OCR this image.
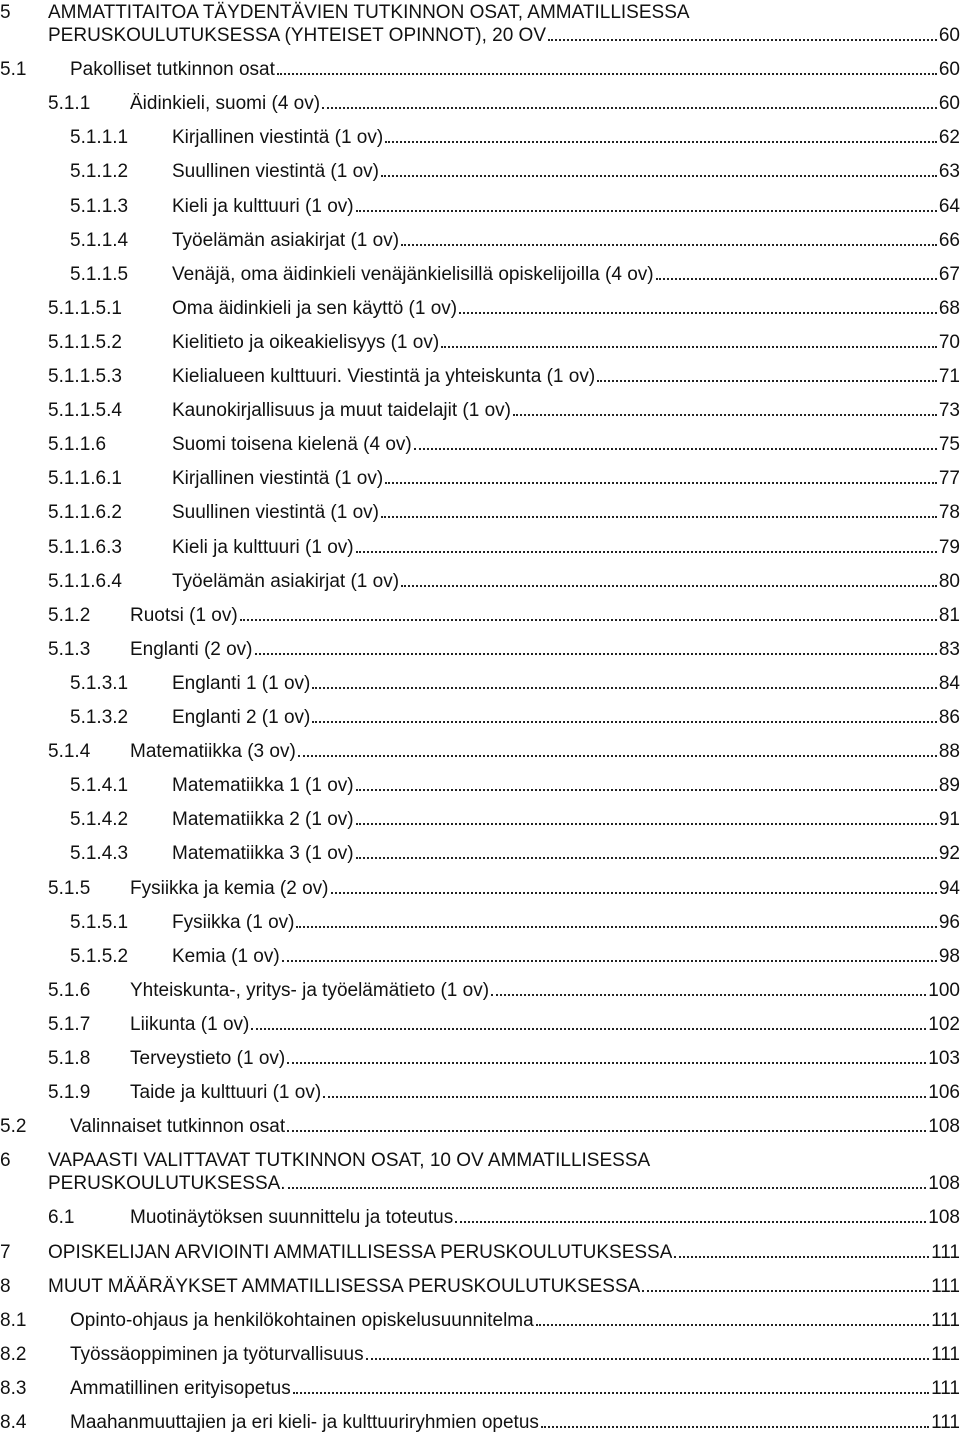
5 AMMATTITAITOA TÄYDENTÄVIEN TUTKINNON OSAT, AMMATILLISESSA
PERUSKOULUTUKSESSA (YHTEISET OPINNOT), 20 OV	60
5.1 Pakolliset tutkinnon osat	60
5.1.1 Äidinkieli, suomi (4 ov)	60
5.1.1.1 Kirjallinen viestintä (1 ov)	62
5.1.1.2 Suullinen viestintä (1 ov)	63
5.1.1.3 Kieli ja kulttuuri (1 ov)	64
5.1.1.4 Työelämän asiakirjat (1 ov)	66
5.1.1.5 Venäjä, oma äidinkieli venäjänkielisillä opiskelijoilla (4 ov)	67
5.1.1.5.1	Oma äidinkieli ja sen käyttö (1 ov)	68
5.1.1.5.2	Kielitieto ja oikeakielisyys (1 ov)	70
5.1.1.5.3	Kielialueen kulttuuri. Viestintä ja yhteiskunta (1 ov)	71
5.1.1.5.4	Kaunokirjallisuus ja muut taidelajit (1 ov)	73
5.1.1.6	Suomi toisena kielenä (4 ov)	75
5.1.1.6.1	Kirjallinen viestintä (1 ov)	77
5.1.1.6.2	Suullinen viestintä (1 ov)	78
5.1.1.6.3	Kieli ja kulttuuri (1 ov)	79
5.1.1.6.4	Työelämän asiakirjat (1 ov)	80
5.1.2 Ruotsi (1 ov)	81
5.1.3 Englanti (2 ov)	83
5.1.3.1 Englanti 1 (1 ov)	84
5.1.3.2 Englanti 2 (1 ov)	86
5.1.4 Matematiikka (3 ov)	88
5.1.4.1 Matematiikka 1 (1 ov)	89
5.1.4.2 Matematiikka 2 (1 ov)	91
5.1.4.3 Matematiikka 3 (1 ov)	92
5.1.5 Fysiikka ja kemia (2 ov)	94
5.1.5.1 Fysiikka (1 ov)	96
5.1.5.2 Kemia (1 ov)	98
5.1.6 Yhteiskunta-, yritys- ja työelämätieto (1 ov)	100
5.1.7 Liikunta (1 ov)	102
5.1.8 Terveystieto (1 ov)	103
5.1.9 Taide ja kulttuuri (1 ov)	106
5.2 Valinnaiset tutkinnon osat	108
6 VAPAASTI VALITTAVAT TUTKINNON OSAT, 10 OV AMMATILLISESSA
PERUSKOULUTUKSESSA.	108
6.1	Muotinäytöksen suunnittelu ja toteutus	108
7 OPISKELIJAN ARVIOINTI AMMATILLISESSA PERUSKOULUTUKSESSA	111
8 MUUT MÄÄRÄYKSET AMMATILLISESSA PERUSKOULUTUKSESSA	111
8.1 Opinto-ohjaus ja henkilökohtainen opiskelusuunnitelma	111
8.2 Työssäoppiminen ja työturvallisuus	111
8.3 Ammatillinen erityisopetus	111
8.4 Maahanmuuttajien ja eri kieli- ja kulttuuriryhmien opetus	111
